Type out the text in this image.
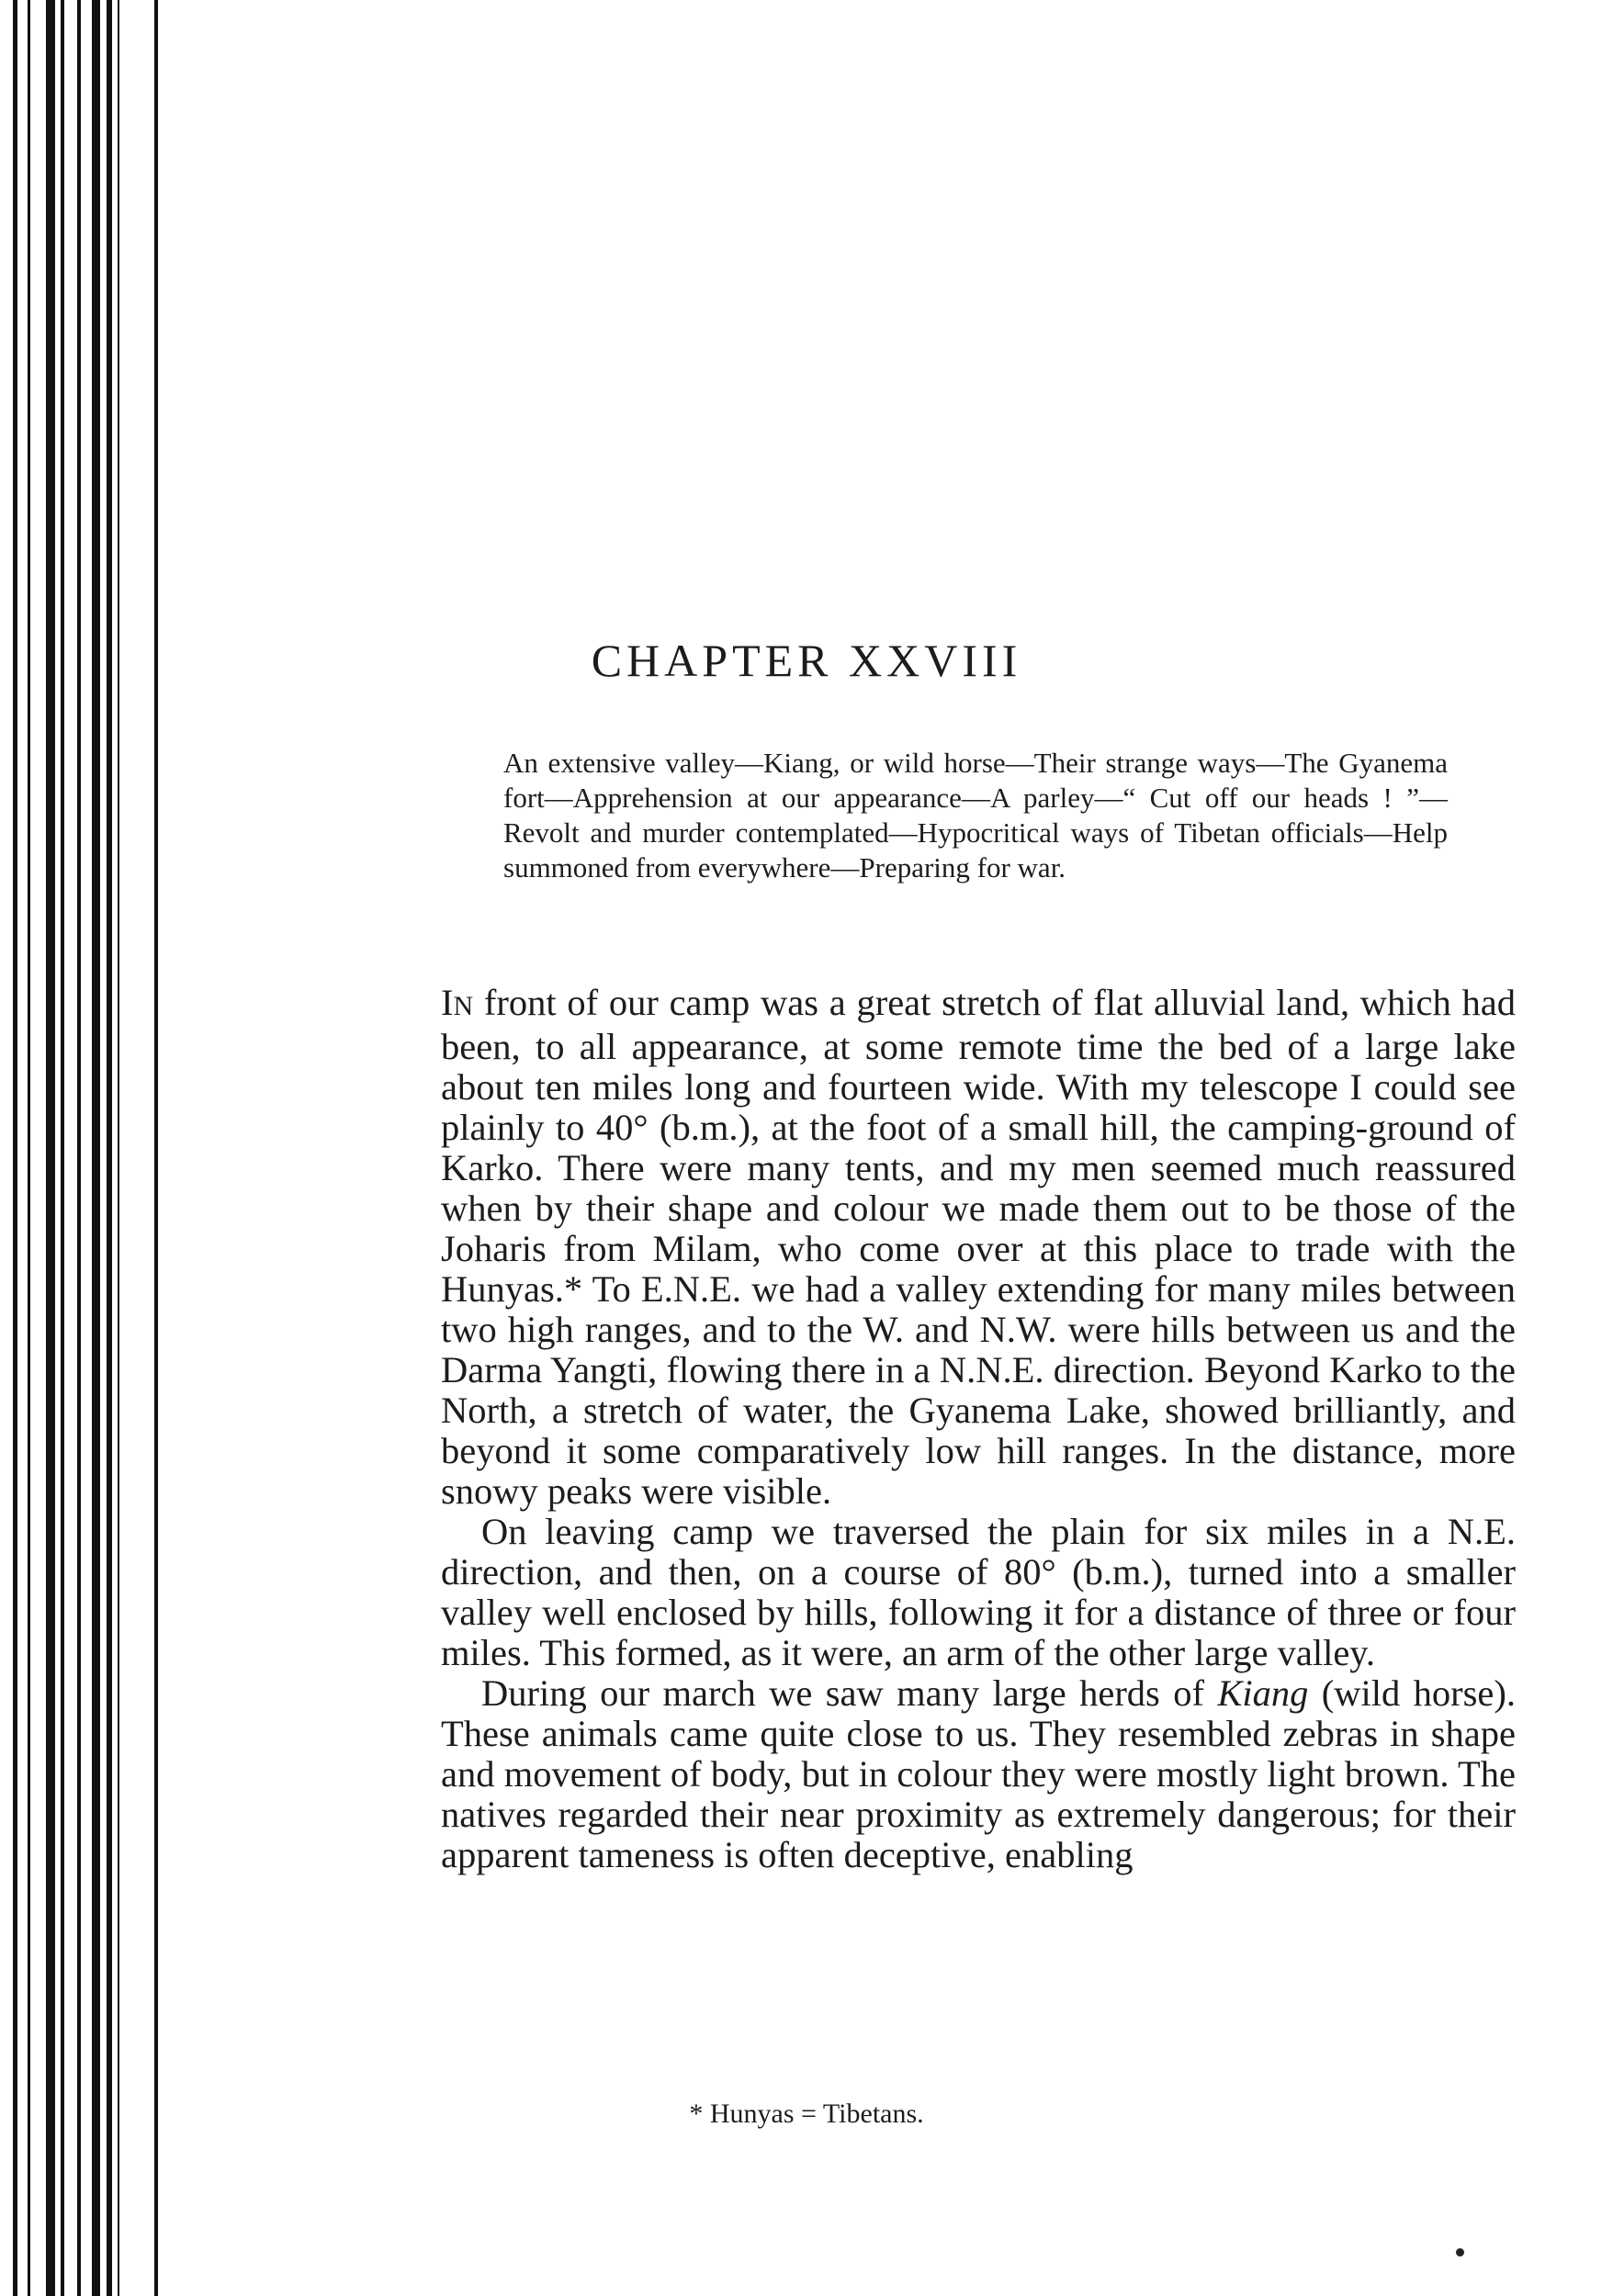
CHAPTER XXVIII

An extensive valley—Kiang, or wild horse—Their strange ways—The Gyanema fort—Apprehension at our appearance—A parley—“ Cut off our heads ! ”—Revolt and murder contemplated—Hypocritical ways of Tibetan officials—Help summoned from everywhere—Preparing for war.

IN front of our camp was a great stretch of flat alluvial land, which had been, to all appearance, at some remote time the bed of a large lake about ten miles long and fourteen wide. With my telescope I could see plainly to 40° (b.m.), at the foot of a small hill, the camping-ground of Karko. There were many tents, and my men seemed much reassured when by their shape and colour we made them out to be those of the Joharis from Milam, who come over at this place to trade with the Hunyas.* To E.N.E. we had a valley extending for many miles between two high ranges, and to the W. and N.W. were hills between us and the Darma Yangti, flowing there in a N.N.E. direction. Beyond Karko to the North, a stretch of water, the Gyanema Lake, showed brilliantly, and beyond it some comparatively low hill ranges. In the distance, more snowy peaks were visible.

On leaving camp we traversed the plain for six miles in a N.E. direction, and then, on a course of 80° (b.m.), turned into a smaller valley well enclosed by hills, following it for a distance of three or four miles. This formed, as it were, an arm of the other large valley.

During our march we saw many large herds of Kiang (wild horse). These animals came quite close to us. They resembled zebras in shape and movement of body, but in colour they were mostly light brown. The natives regarded their near proximity as extremely dangerous; for their apparent tameness is often deceptive, enabling

* Hunyas = Tibetans.
